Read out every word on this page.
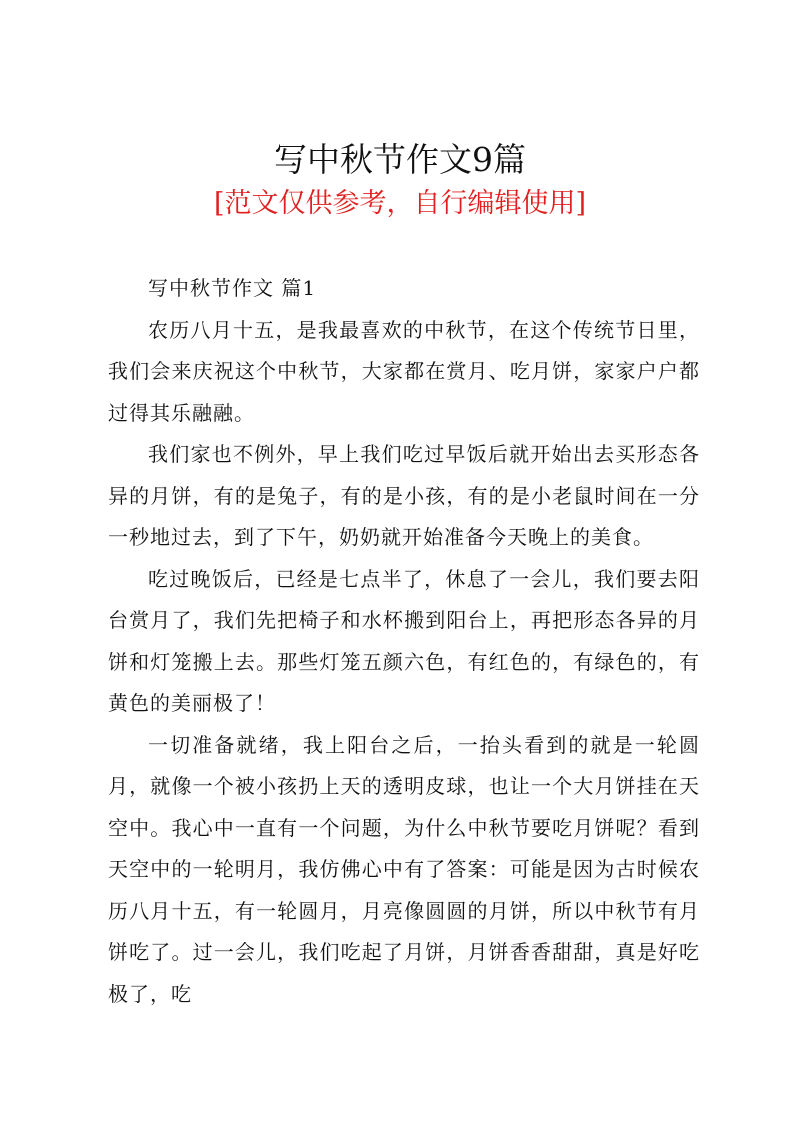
写中秋节作文9篇
[范文仅供参考，自行编辑使用]

写中秋节作文 篇1

农历八月十五，是我最喜欢的中秋节，在这个传统节日里，我们会来庆祝这个中秋节，大家都在赏月、吃月饼，家家户户都过得其乐融融。

我们家也不例外，早上我们吃过早饭后就开始出去买形态各异的月饼，有的是兔子，有的是小孩，有的是小老鼠时间在一分一秒地过去，到了下午，奶奶就开始准备今天晚上的美食。

吃过晚饭后，已经是七点半了，休息了一会儿，我们要去阳台赏月了，我们先把椅子和水杯搬到阳台上，再把形态各异的月饼和灯笼搬上去。那些灯笼五颜六色，有红色的，有绿色的，有黄色的美丽极了！

一切准备就绪，我上阳台之后，一抬头看到的就是一轮圆月，就像一个被小孩扔上天的透明皮球，也让一个大月饼挂在天空中。我心中一直有一个问题，为什么中秋节要吃月饼呢？看到天空中的一轮明月，我仿佛心中有了答案：可能是因为古时候农历八月十五，有一轮圆月，月亮像圆圆的月饼，所以中秋节有月饼吃了。过一会儿，我们吃起了月饼，月饼香香甜甜，真是好吃极了，吃
